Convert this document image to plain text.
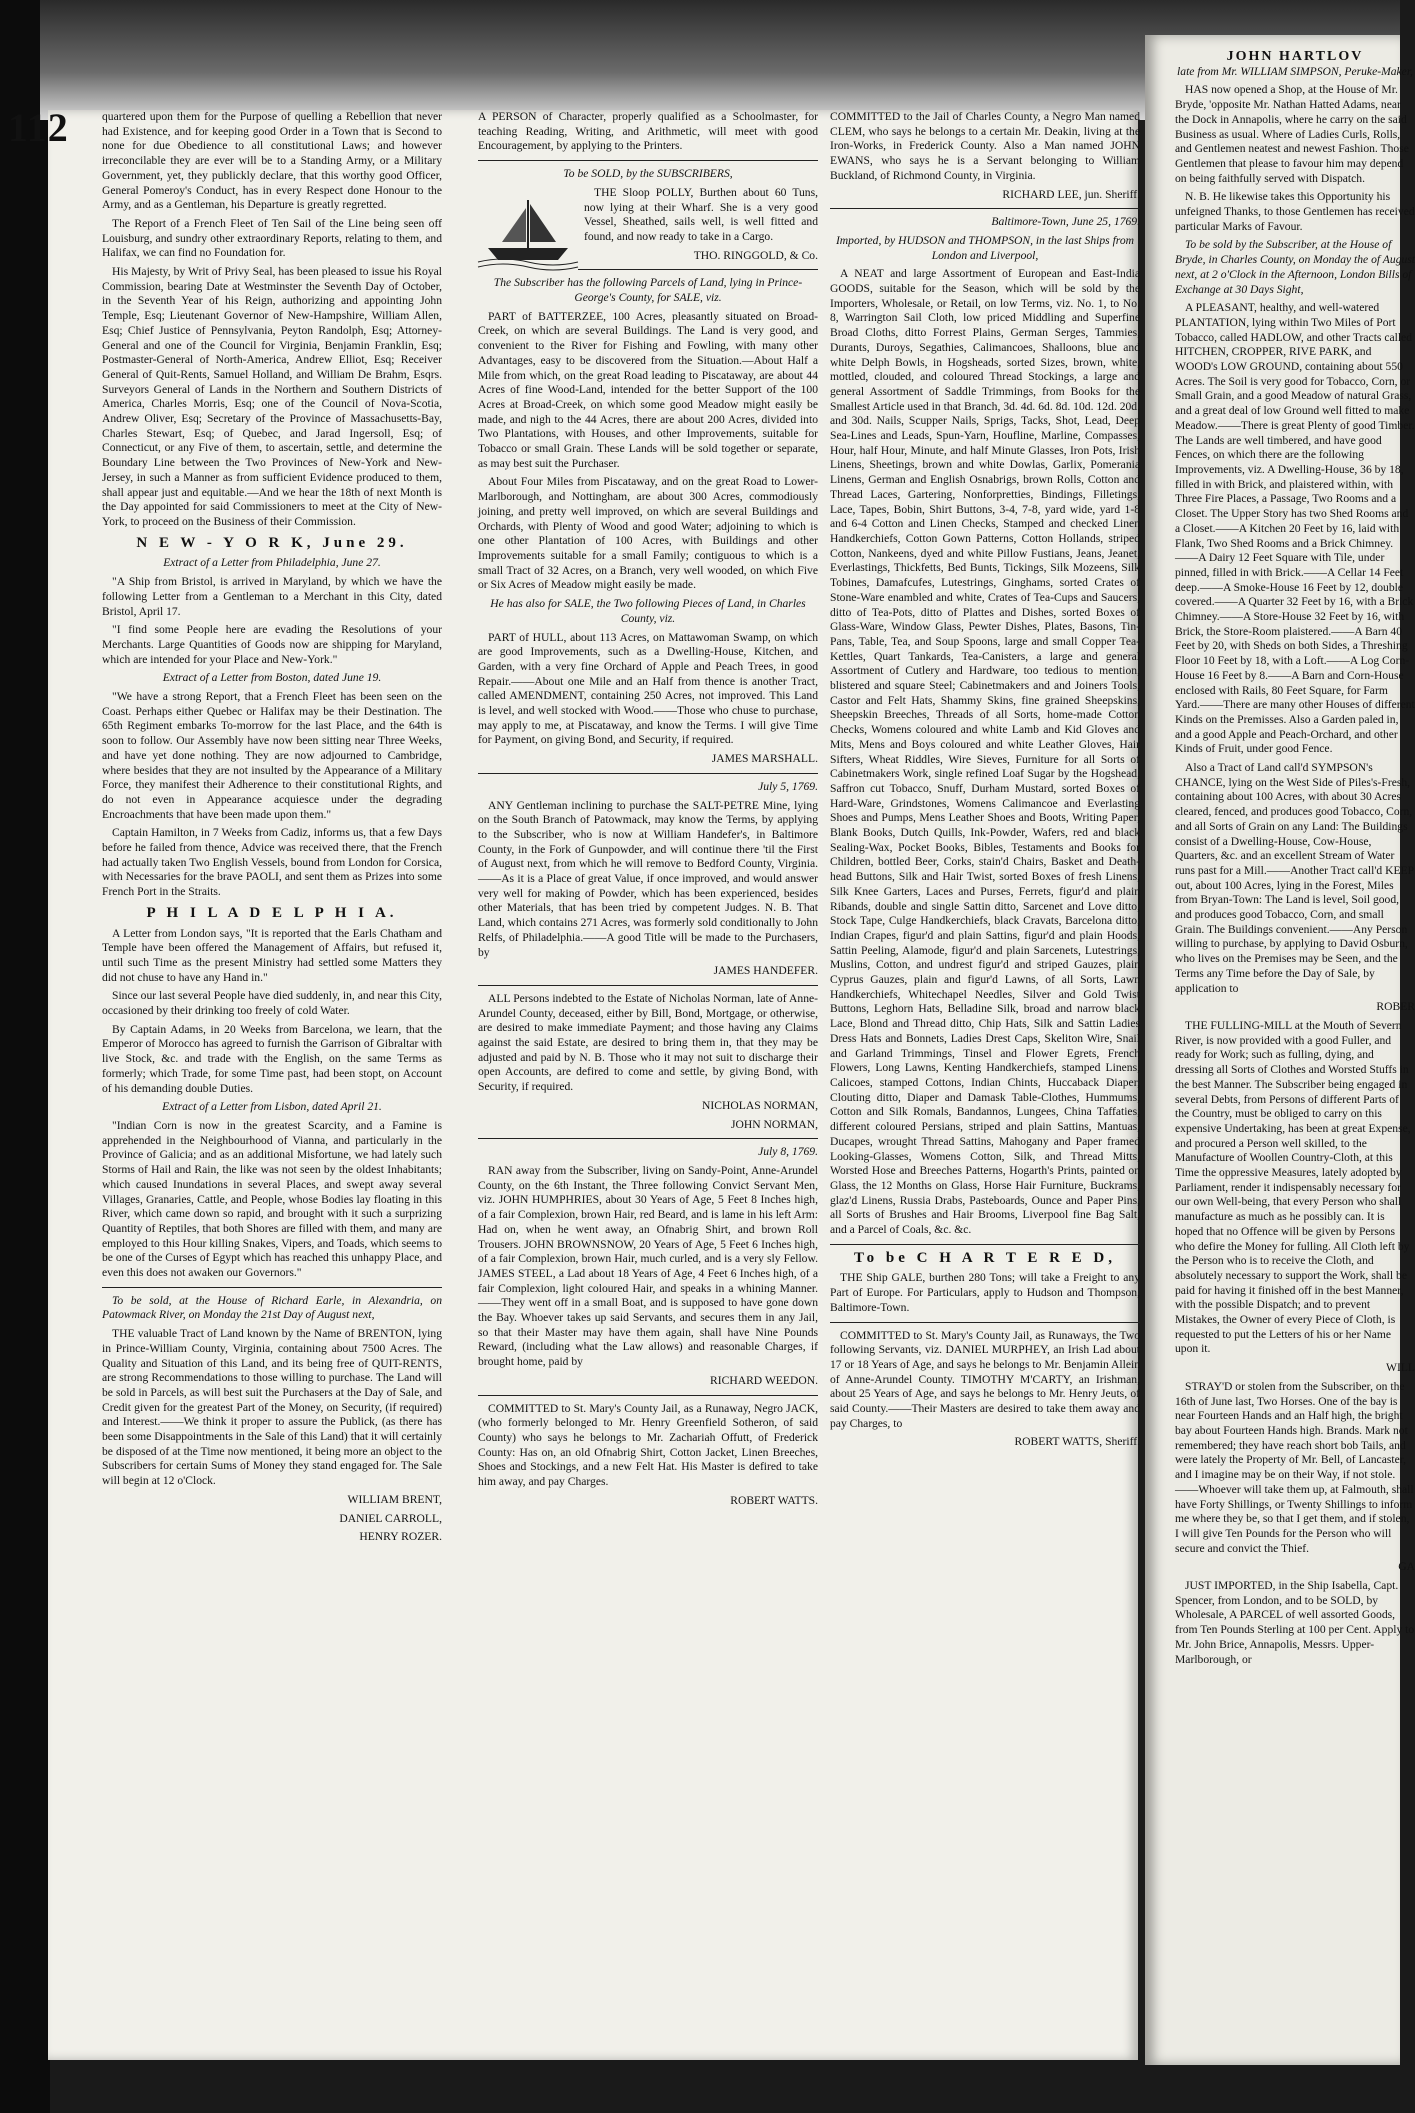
112	quartered upon them for the Purpose of quelling a Rebellion that never had Existence, and for keeping good Order in a Town that is Second to none for due Obedience to all constitutional Laws; and however irreconcilable they are ever will be to a Standing Army, or a Military Government, yet, they publickly declare, that this worthy good Officer, General Pomeroy's Conduct, has in every Respect done Honour to the Army, and as a Gentleman, his Departure is greatly regretted.

The Report of a French Fleet of Ten Sail of the Line being seen off Louisburg, and sundry other extraordinary Reports, relating to them, and Halifax, we can find no Foundation for.

His Majesty, by Writ of Privy Seal, has been pleased to issue his Royal Commission, bearing Date at Westminster the Seventh Day of October, in the Seventh Year of his Reign, authorizing and appointing John Temple, Esq; Lieutenant Governor of New-Hampshire, William Allen, Esq; Chief Justice of Pennsylvania, Peyton Randolph, Esq; Attorney-General and one of the Council for Virginia, Benjamin Franklin, Esq; Postmaster-General of North-America, Andrew Elliot, Esq; Receiver General of Quit-Rents, Samuel Holland, and William De Brahm, Esqrs. Surveyors General of Lands in the Northern and Southern Districts of America, Charles Morris, Esq; one of the Council of Nova-Scotia, Andrew Oliver, Esq; Secretary of the Province of Massachusetts-Bay, Charles Stewart, Esq; of Quebec, and Jarad Ingersoll, Esq; of Connecticut, or any Five of them, to ascertain, settle, and determine the Boundary Line between the Two Provinces of New-York and New-Jersey, in such a Manner as from sufficient Evidence produced to them, shall appear just and equitable.—And we hear the 18th of next Month is the Day appointed for said Commissioners to meet at the City of New-York, to proceed on the Business of their Commission.

N E W - Y O R K, June 29.

Extract of a Letter from Philadelphia, June 27.

"A Ship from Bristol, is arrived in Maryland, by which we have the following Letter from a Gentleman to a Merchant in this City, dated Bristol, April 17.

"I find some People here are evading the Resolutions of your Merchants. Large Quantities of Goods now are shipping for Maryland, which are intended for your Place and New-York."

Extract of a Letter from Boston, dated June 19.

"We have a strong Report, that a French Fleet has been seen on the Coast. Perhaps either Quebec or Halifax may be their Destination. The 65th Regiment embarks To-morrow for the last Place, and the 64th is soon to follow. Our Assembly have now been sitting near Three Weeks, and have yet done nothing. They are now adjourned to Cambridge, where besides that they are not insulted by the Appearance of a Military Force, they manifest their Adherence to their constitutional Rights, and do not even in Appearance acquiesce under the degrading Encroachments that have been made upon them."

Captain Hamilton, in 7 Weeks from Cadiz, informs us, that a few Days before he failed from thence, Advice was received there, that the French had actually taken Two English Vessels, bound from London for Corsica, with Necessaries for the brave PAOLI, and sent them as Prizes into some French Port in the Straits.

P H I L A D E L P H I A.

A Letter from London says, "It is reported that the Earls Chatham and Temple have been offered the Management of Affairs, but refused it, until such Time as the present Ministry had settled some Matters they did not chuse to have any Hand in."

Since our last several People have died suddenly, in, and near this City, occasioned by their drinking too freely of cold Water.

By Captain Adams, in 20 Weeks from Barcelona, we learn, that the Emperor of Morocco has agreed to furnish the Garrison of Gibraltar with live Stock, &c. and trade with the English, on the same Terms as formerly; which Trade, for some Time past, had been stopt, on Account of his demanding double Duties.

Extract of a Letter from Lisbon, dated April 21.

"Indian Corn is now in the greatest Scarcity, and a Famine is apprehended in the Neighbourhood of Vianna, and particularly in the Province of Galicia; and as an additional Misfortune, we had lately such Storms of Hail and Rain, the like was not seen by the oldest Inhabitants; which caused Inundations in several Places, and swept away several Villages, Granaries, Cattle, and People, whose Bodies lay floating in this River, which came down so rapid, and brought with it such a surprizing Quantity of Reptiles, that both Shores are filled with them, and many are employed to this Hour killing Snakes, Vipers, and Toads, which seems to be one of the Curses of Egypt which has reached this unhappy Place, and even this does not awaken our Governors."

To be sold, at the House of Richard Earle, in Alexandria, on Patowmack River, on Monday the 21st Day of August next,

THE valuable Tract of Land known by the Name of BRENTON, lying in Prince-William County, Virginia, containing about 7500 Acres. The Quality and Situation of this Land, and its being free of QUIT-RENTS, are strong Recommendations to those willing to purchase. The Land will be sold in Parcels, as will best suit the Purchasers at the Day of Sale, and Credit given for the greatest Part of the Money, on Security, (if required) and Interest.——We think it proper to assure the Publick, (as there has been some Disappointments in the Sale of this Land) that it will certainly be disposed of at the Time now mentioned, it being more an object to the Subscribers for certain Sums of Money they stand engaged for. The Sale will begin at 12 o'Clock.

WILLIAM BRENT,

DANIEL CARROLL,

HENRY ROZER.

A PERSON of Character, properly qualified as a Schoolmaster, for teaching Reading, Writing, and Arithmetic, will meet with good Encouragement, by applying to the Printers.

To be SOLD, by the SUBSCRIBERS,

THE Sloop POLLY, Burthen about 60 Tuns, now lying at their Wharf. She is a very good Vessel, Sheathed, sails well, is well fitted and found, and now ready to take in a Cargo.

THO. RINGGOLD, & Co.

The Subscriber has the following Parcels of Land, lying in Prince-George's County, for SALE, viz.

PART of BATTERZEE, 100 Acres, pleasantly situated on Broad-Creek, on which are several Buildings. The Land is very good, and convenient to the River for Fishing and Fowling, with many other Advantages, easy to be discovered from the Situation.—About Half a Mile from which, on the great Road leading to Piscataway, are about 44 Acres of fine Wood-Land, intended for the better Support of the 100 Acres at Broad-Creek, on which some good Meadow might easily be made, and nigh to the 44 Acres, there are about 200 Acres, divided into Two Plantations, with Houses, and other Improvements, suitable for Tobacco or small Grain. These Lands will be sold together or separate, as may best suit the Purchaser.

About Four Miles from Piscataway, and on the great Road to Lower-Marlborough, and Nottingham, are about 300 Acres, commodiously joining, and pretty well improved, on which are several Buildings and Orchards, with Plenty of Wood and good Water; adjoining to which is one other Plantation of 100 Acres, with Buildings and other Improvements suitable for a small Family; contiguous to which is a small Tract of 32 Acres, on a Branch, very well wooded, on which Five or Six Acres of Meadow might easily be made.

He has also for SALE, the Two following Pieces of Land, in Charles County, viz.

PART of HULL, about 113 Acres, on Mattawoman Swamp, on which are good Improvements, such as a Dwelling-House, Kitchen, and Garden, with a very fine Orchard of Apple and Peach Trees, in good Repair.——About one Mile and an Half from thence is another Tract, called AMENDMENT, containing 250 Acres, not improved. This Land is level, and well stocked with Wood.——Those who chuse to purchase, may apply to me, at Piscataway, and know the Terms. I will give Time for Payment, on giving Bond, and Security, if required.

JAMES MARSHALL.

July 5, 1769.

ANY Gentleman inclining to purchase the SALT-PETRE Mine, lying on the South Branch of Patowmack, may know the Terms, by applying to the Subscriber, who is now at William Handefer's, in Baltimore County, in the Fork of Gunpowder, and will continue there 'til the First of August next, from which he will remove to Bedford County, Virginia.——As it is a Place of great Value, if once improved, and would answer very well for making of Powder, which has been experienced, besides other Materials, that has been tried by competent Judges. N. B. That Land, which contains 271 Acres, was formerly sold conditionally to John Relfs, of Philadelphia.——A good Title will be made to the Purchasers, by

JAMES HANDEFER.

ALL Persons indebted to the Estate of Nicholas Norman, late of Anne-Arundel County, deceased, either by Bill, Bond, Mortgage, or otherwise, are desired to make immediate Payment; and those having any Claims against the said Estate, are desired to bring them in, that they may be adjusted and paid by N. B. Those who it may not suit to discharge their open Accounts, are defired to come and settle, by giving Bond, with Security, if required.

NICHOLAS NORMAN,

JOHN NORMAN,

July 8, 1769.

RAN away from the Subscriber, living on Sandy-Point, Anne-Arundel County, on the 6th Instant, the Three following Convict Servant Men, viz. JOHN HUMPHRIES, about 30 Years of Age, 5 Feet 8 Inches high, of a fair Complexion, brown Hair, red Beard, and is lame in his left Arm: Had on, when he went away, an Ofnabrig Shirt, and brown Roll Trousers. JOHN BROWNSNOW, 20 Years of Age, 5 Feet 6 Inches high, of a fair Complexion, brown Hair, much curled, and is a very sly Fellow. JAMES STEEL, a Lad about 18 Years of Age, 4 Feet 6 Inches high, of a fair Complexion, light coloured Hair, and speaks in a whining Manner.——They went off in a small Boat, and is supposed to have gone down the Bay. Whoever takes up said Servants, and secures them in any Jail, so that their Master may have them again, shall have Nine Pounds Reward, (including what the Law allows) and reasonable Charges, if brought home, paid by

RICHARD WEEDON.

COMMITTED to St. Mary's County Jail, as a Runaway, Negro JACK, (who formerly belonged to Mr. Henry Greenfield Sotheron, of said County) who says he belongs to Mr. Zachariah Offutt, of Frederick County: Has on, an old Ofnabrig Shirt, Cotton Jacket, Linen Breeches, Shoes and Stockings, and a new Felt Hat. His Master is defired to take him away, and pay Charges.

ROBERT WATTS.

COMMITTED to the Jail of Charles County, a Negro Man named CLEM, who says he belongs to a certain Mr. Deakin, living at the Iron-Works, in Frederick County. Also a Man named JOHN EWANS, who says he is a Servant belonging to William Buckland, of Richmond County, in Virginia.

RICHARD LEE, jun. Sheriff.

Baltimore-Town, June 25, 1769.

Imported, by HUDSON and THOMPSON, in the last Ships from London and Liverpool,

A NEAT and large Assortment of European and East-India GOODS, suitable for the Season, which will be sold by the Importers, Wholesale, or Retail, on low Terms, viz. No. 1, to No. 8, Warrington Sail Cloth, low priced Middling and Superfine Broad Cloths, ditto Forrest Plains, German Serges, Tammies, Durants, Duroys, Segathies, Calimancoes, Shalloons, blue and white Delph Bowls, in Hogsheads, sorted Sizes, brown, white, mottled, clouded, and coloured Thread Stockings, a large and general Assortment of Saddle Trimmings, from Books for the Smallest Article used in that Branch, 3d. 4d. 6d. 8d. 10d. 12d. 20d. and 30d. Nails, Scupper Nails, Sprigs, Tacks, Shot, Lead, Deep Sea-Lines and Leads, Spun-Yarn, Houfline, Marline, Compasses, Hour, half Hour, Minute, and half Minute Glasses, Iron Pots, Irish Linens, Sheetings, brown and white Dowlas, Garlix, Pomerania Linens, German and English Osnabrigs, brown Rolls, Cotton and Thread Laces, Gartering, Nonforpretties, Bindings, Filletings, Lace, Tapes, Bobin, Shirt Buttons, 3-4, 7-8, yard wide, yard 1-8 and 6-4 Cotton and Linen Checks, Stamped and checked Linen Handkerchiefs, Cotton Gown Patterns, Cotton Hollands, striped Cotton, Nankeens, dyed and white Pillow Fustians, Jeans, Jeanet, Everlastings, Thickfetts, Bed Bunts, Tickings, Silk Mozeens, Silk Tobines, Damafcufes, Lutestrings, Ginghams, sorted Crates of Stone-Ware enambled and white, Crates of Tea-Cups and Saucers, ditto of Tea-Pots, ditto of Plattes and Dishes, sorted Boxes of Glass-Ware, Window Glass, Pewter Dishes, Plates, Basons, Tin-Pans, Table, Tea, and Soup Spoons, large and small Copper Tea-Kettles, Quart Tankards, Tea-Canisters, a large and general Assortment of Cutlery and Hardware, too tedious to mention, blistered and square Steel; Cabinetmakers and and Joiners Tools, Castor and Felt Hats, Shammy Skins, fine grained Sheepskins, Sheepskin Breeches, Threads of all Sorts, home-made Cotton Checks, Womens coloured and white Lamb and Kid Gloves and Mits, Mens and Boys coloured and white Leather Gloves, Hair Sifters, Wheat Riddles, Wire Sieves, Furniture for all Sorts of Cabinetmakers Work, single refined Loaf Sugar by the Hogshead, Saffron cut Tobacco, Snuff, Durham Mustard, sorted Boxes of Hard-Ware, Grindstones, Womens Calimancoe and Everlasting Shoes and Pumps, Mens Leather Shoes and Boots, Writing Paper, Blank Books, Dutch Quills, Ink-Powder, Wafers, red and black Sealing-Wax, Pocket Books, Bibles, Testaments and Books for Children, bottled Beer, Corks, stain'd Chairs, Basket and Death-head Buttons, Silk and Hair Twist, sorted Boxes of fresh Linens, Silk Knee Garters, Laces and Purses, Ferrets, figur'd and plain Ribands, double and single Sattin ditto, Sarcenet and Love ditto, Stock Tape, Culge Handkerchiefs, black Cravats, Barcelona ditto, Indian Crapes, figur'd and plain Sattins, figur'd and plain Hoods, Sattin Peeling, Alamode, figur'd and plain Sarcenets, Lutestrings, Muslins, Cotton, and undrest figur'd and striped Gauzes, plain Cyprus Gauzes, plain and figur'd Lawns, of all Sorts, Lawn Handkerchiefs, Whitechapel Needles, Silver and Gold Twist Buttons, Leghorn Hats, Belladine Silk, broad and narrow black Lace, Blond and Thread ditto, Chip Hats, Silk and Sattin Ladies Dress Hats and Bonnets, Ladies Drest Caps, Skeliton Wire, Snail and Garland Trimmings, Tinsel and Flower Egrets, French Flowers, Long Lawns, Kenting Handkerchiefs, stamped Linens, Calicoes, stamped Cottons, Indian Chints, Huccaback Diaper, Clouting ditto, Diaper and Damask Table-Clothes, Hummums, Cotton and Silk Romals, Bandannos, Lungees, China Taffaties, different coloured Persians, striped and plain Sattins, Mantuas, Ducapes, wrought Thread Sattins, Mahogany and Paper framed Looking-Glasses, Womens Cotton, Silk, and Thread Mitts, Worsted Hose and Breeches Patterns, Hogarth's Prints, painted on Glass, the 12 Months on Glass, Horse Hair Furniture, Buckrams, glaz'd Linens, Russia Drabs, Pasteboards, Ounce and Paper Pins, all Sorts of Brushes and Hair Brooms, Liverpool fine Bag Salt, and a Parcel of Coals, &c. &c.

To be C H A R T E R E D,

THE Ship GALE, burthen 280 Tons; will take a Freight to any Part of Europe. For Particulars, apply to Hudson and Thompson, Baltimore-Town.

COMMITTED to St. Mary's County Jail, as Runaways, the Two following Servants, viz. DANIEL MURPHEY, an Irish Lad about 17 or 18 Years of Age, and says he belongs to Mr. Benjamin Allein of Anne-Arundel County. TIMOTHY M'CARTY, an Irishman, about 25 Years of Age, and says he belongs to Mr. Henry Jeuts, of said County.——Their Masters are desired to take them away and pay Charges, to

ROBERT WATTS, Sheriff.

JOHN HARTLOV

late from Mr. WILLIAM SIMPSON, Peruke-Maker,

HAS now opened a Shop, at the House of Mr. Bryde, 'opposite Mr. Nathan Hatted Adams, near the Dock in Annapolis, where he carry on the said Business as usual. Where of Ladies Curls, Rolls, and Gentlemen neatest and newest Fashion. Those Gentlemen that please to favour him may depend on being faithfully served with Dispatch.

N. B. He likewise takes this Opportunity his unfeigned Thanks, to those Gentlemen has received particular Marks of Favour.

To be sold by the Subscriber, at the House of Bryde, in Charles County, on Monday the of August next, at 2 o'Clock in the Afternoon, London Bills of Exchange at 30 Days Sight,

A PLEASANT, healthy, and well-watered PLANTATION, lying within Two Miles of Port Tobacco, called HADLOW, and other Tracts called HITCHEN, CROPPER, RIVE PARK, and WOOD's LOW GROUND, containing about 550 Acres. The Soil is very good for Tobacco, Corn, or Small Grain, and a good Meadow of natural Grass, and a great deal of low Ground well fitted to make Meadow.——There is great Plenty of good Timber. The Lands are well timbered, and have good Fences, on which there are the following Improvements, viz. A Dwelling-House, 36 by 18, filled in with Brick, and plaistered within, with Three Fire Places, a Passage, Two Rooms and a Closet. The Upper Story has two Shed Rooms and a Closet.——A Kitchen 20 Feet by 16, laid with Flank, Two Shed Rooms and a Brick Chimney.——A Dairy 12 Feet Square with Tile, under pinned, filled in with Brick.——A Cellar 14 Feet deep.——A Smoke-House 16 Feet by 12, double covered.——A Quarter 32 Feet by 16, with a Brick Chimney.——A Store-House 32 Feet by 16, with Brick, the Store-Room plaistered.——A Barn 40 Feet by 20, with Sheds on both Sides, a Threshing Floor 10 Feet by 18, with a Loft.——A Log Corn-House 16 Feet by 8.——A Barn and Corn-House enclosed with Rails, 80 Feet Square, for Farm Yard.——There are many other Houses of different Kinds on the Premisses. Also a Garden paled in, and a good Apple and Peach-Orchard, and other Kinds of Fruit, under good Fence.

Also a Tract of Land call'd SYMPSON's CHANCE, lying on the West Side of Piles's-Fresh, containing about 100 Acres, with about 30 Acres cleared, fenced, and produces good Tobacco, Corn, and all Sorts of Grain on any Land: The Buildings consist of a Dwelling-House, Cow-House, Quarters, &c. and an excellent Stream of Water runs past for a Mill.——Another Tract call'd KEEP out, about 100 Acres, lying in the Forest, Miles from Bryan-Town: The Land is level, Soil good, and produces good Tobacco, Corn, and small Grain. The Buildings convenient.——Any Person willing to purchase, by applying to David Osburn, who lives on the Premises may be Seen, and the Terms any Time before the Day of Sale, by application to

ROBER

THE FULLING-MILL at the Mouth of Severn River, is now provided with a good Fuller, and ready for Work; such as fulling, dying, and dressing all Sorts of Clothes and Worsted Stuffs in the best Manner. The Subscriber being engaged in several Debts, from Persons of different Parts of the Country, must be obliged to carry on this expensive Undertaking, has been at great Expense, and procured a Person well skilled, to the Manufacture of Woollen Country-Cloth, at this Time the oppressive Measures, lately adopted by Parliament, render it indispensably necessary for our own Well-being, that every Person who shall manufacture as much as he possibly can. It is hoped that no Offence will be given by Persons who defire the Money for fulling. All Cloth left by the Person who is to receive the Cloth, and absolutely necessary to support the Work, shall be paid for having it finished off in the best Manner, with the possible Dispatch; and to prevent Mistakes, the Owner of every Piece of Cloth, is requested to put the Letters of his or her Name upon it.

WILL

STRAY'D or stolen from the Subscriber, on the 16th of June last, Two Horses. One of the bay is near Fourteen Hands and an Half high, the bright bay about Fourteen Hands high. Brands. Mark not remembered; they have reach short bob Tails, and were lately the Property of Mr. Bell, of Lancaster, and I imagine may be on their Way, if not stole.——Whoever will take them up, at Falmouth, shall have Forty Shillings, or Twenty Shillings to inform me where they be, so that I get them, and if stolen, I will give Ten Pounds for the Person who will secure and convict the Thief.

GA

JUST IMPORTED, in the Ship Isabella, Capt. Spencer, from London, and to be SOLD, by Wholesale, A PARCEL of well assorted Goods, from Ten Pounds Sterling at 100 per Cent. Apply to Mr. John Brice, Annapolis, Messrs. Upper-Marlborough, or
